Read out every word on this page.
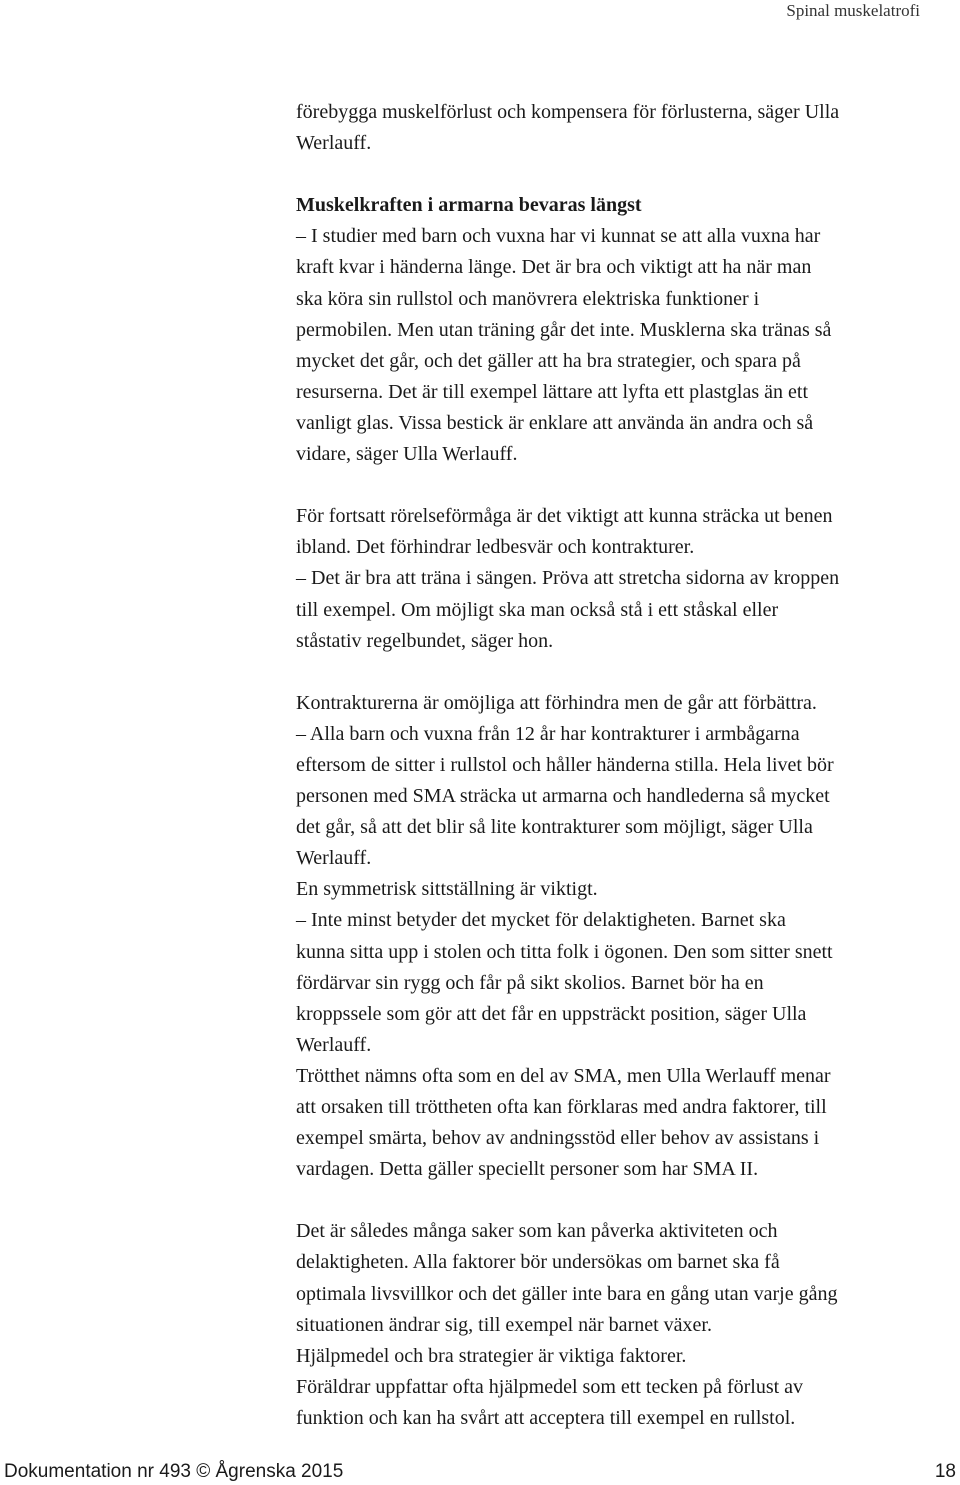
Spinal muskelatrofi

förebygga muskelförlust och kompensera för förlusterna, säger Ulla
Werlauff.

Muskelkraften i armarna bevaras längst
– I studier med barn och vuxna har vi kunnat se att alla vuxna har
kraft kvar i händerna länge. Det är bra och viktigt att ha när man
ska köra sin rullstol och manövrera elektriska funktioner i
permobilen. Men utan träning går det inte. Musklerna ska tränas så
mycket det går, och det gäller att ha bra strategier, och spara på
resurserna. Det är till exempel lättare att lyfta ett plastglas än ett
vanligt glas. Vissa bestick är enklare att använda än andra och så
vidare, säger Ulla Werlauff.

För fortsatt rörelseförmåga är det viktigt att kunna sträcka ut benen
ibland. Det förhindrar ledbesvär och kontrakturer.
– Det är bra att träna i sängen. Pröva att stretcha sidorna av kroppen
till exempel. Om möjligt ska man också stå i ett ståskal eller
ståstativ regelbundet, säger hon.

Kontrakturerna är omöjliga att förhindra men de går att förbättra.
– Alla barn och vuxna från 12 år har kontrakturer i armbågarna
eftersom de sitter i rullstol och håller händerna stilla. Hela livet bör
personen med SMA sträcka ut armarna och handlederna så mycket
det går, så att det blir så lite kontrakturer som möjligt, säger Ulla
Werlauff.
En symmetrisk sittställning är viktigt.
– Inte minst betyder det mycket för delaktigheten. Barnet ska
kunna sitta upp i stolen och titta folk i ögonen. Den som sitter snett
fördärvar sin rygg och får på sikt skolios. Barnet bör ha en
kroppssele som gör att det får en uppsträckt position, säger Ulla
Werlauff.
Trötthet nämns ofta som en del av SMA, men Ulla Werlauff menar
att orsaken till tröttheten ofta kan förklaras med andra faktorer, till
exempel smärta, behov av andningsstöd eller behov av assistans i
vardagen. Detta gäller speciellt personer som har SMA II.

Det är således många saker som kan påverka aktiviteten och
delaktigheten. Alla faktorer bör undersökas om barnet ska få
optimala livsvillkor och det gäller inte bara en gång utan varje gång
situationen ändrar sig, till exempel när barnet växer.
Hjälpmedel och bra strategier är viktiga faktorer.
Föräldrar uppfattar ofta hjälpmedel som ett tecken på förlust av
funktion och kan ha svårt att acceptera till exempel en rullstol.

Dokumentation nr 493 © Ågrenska 2015	18
